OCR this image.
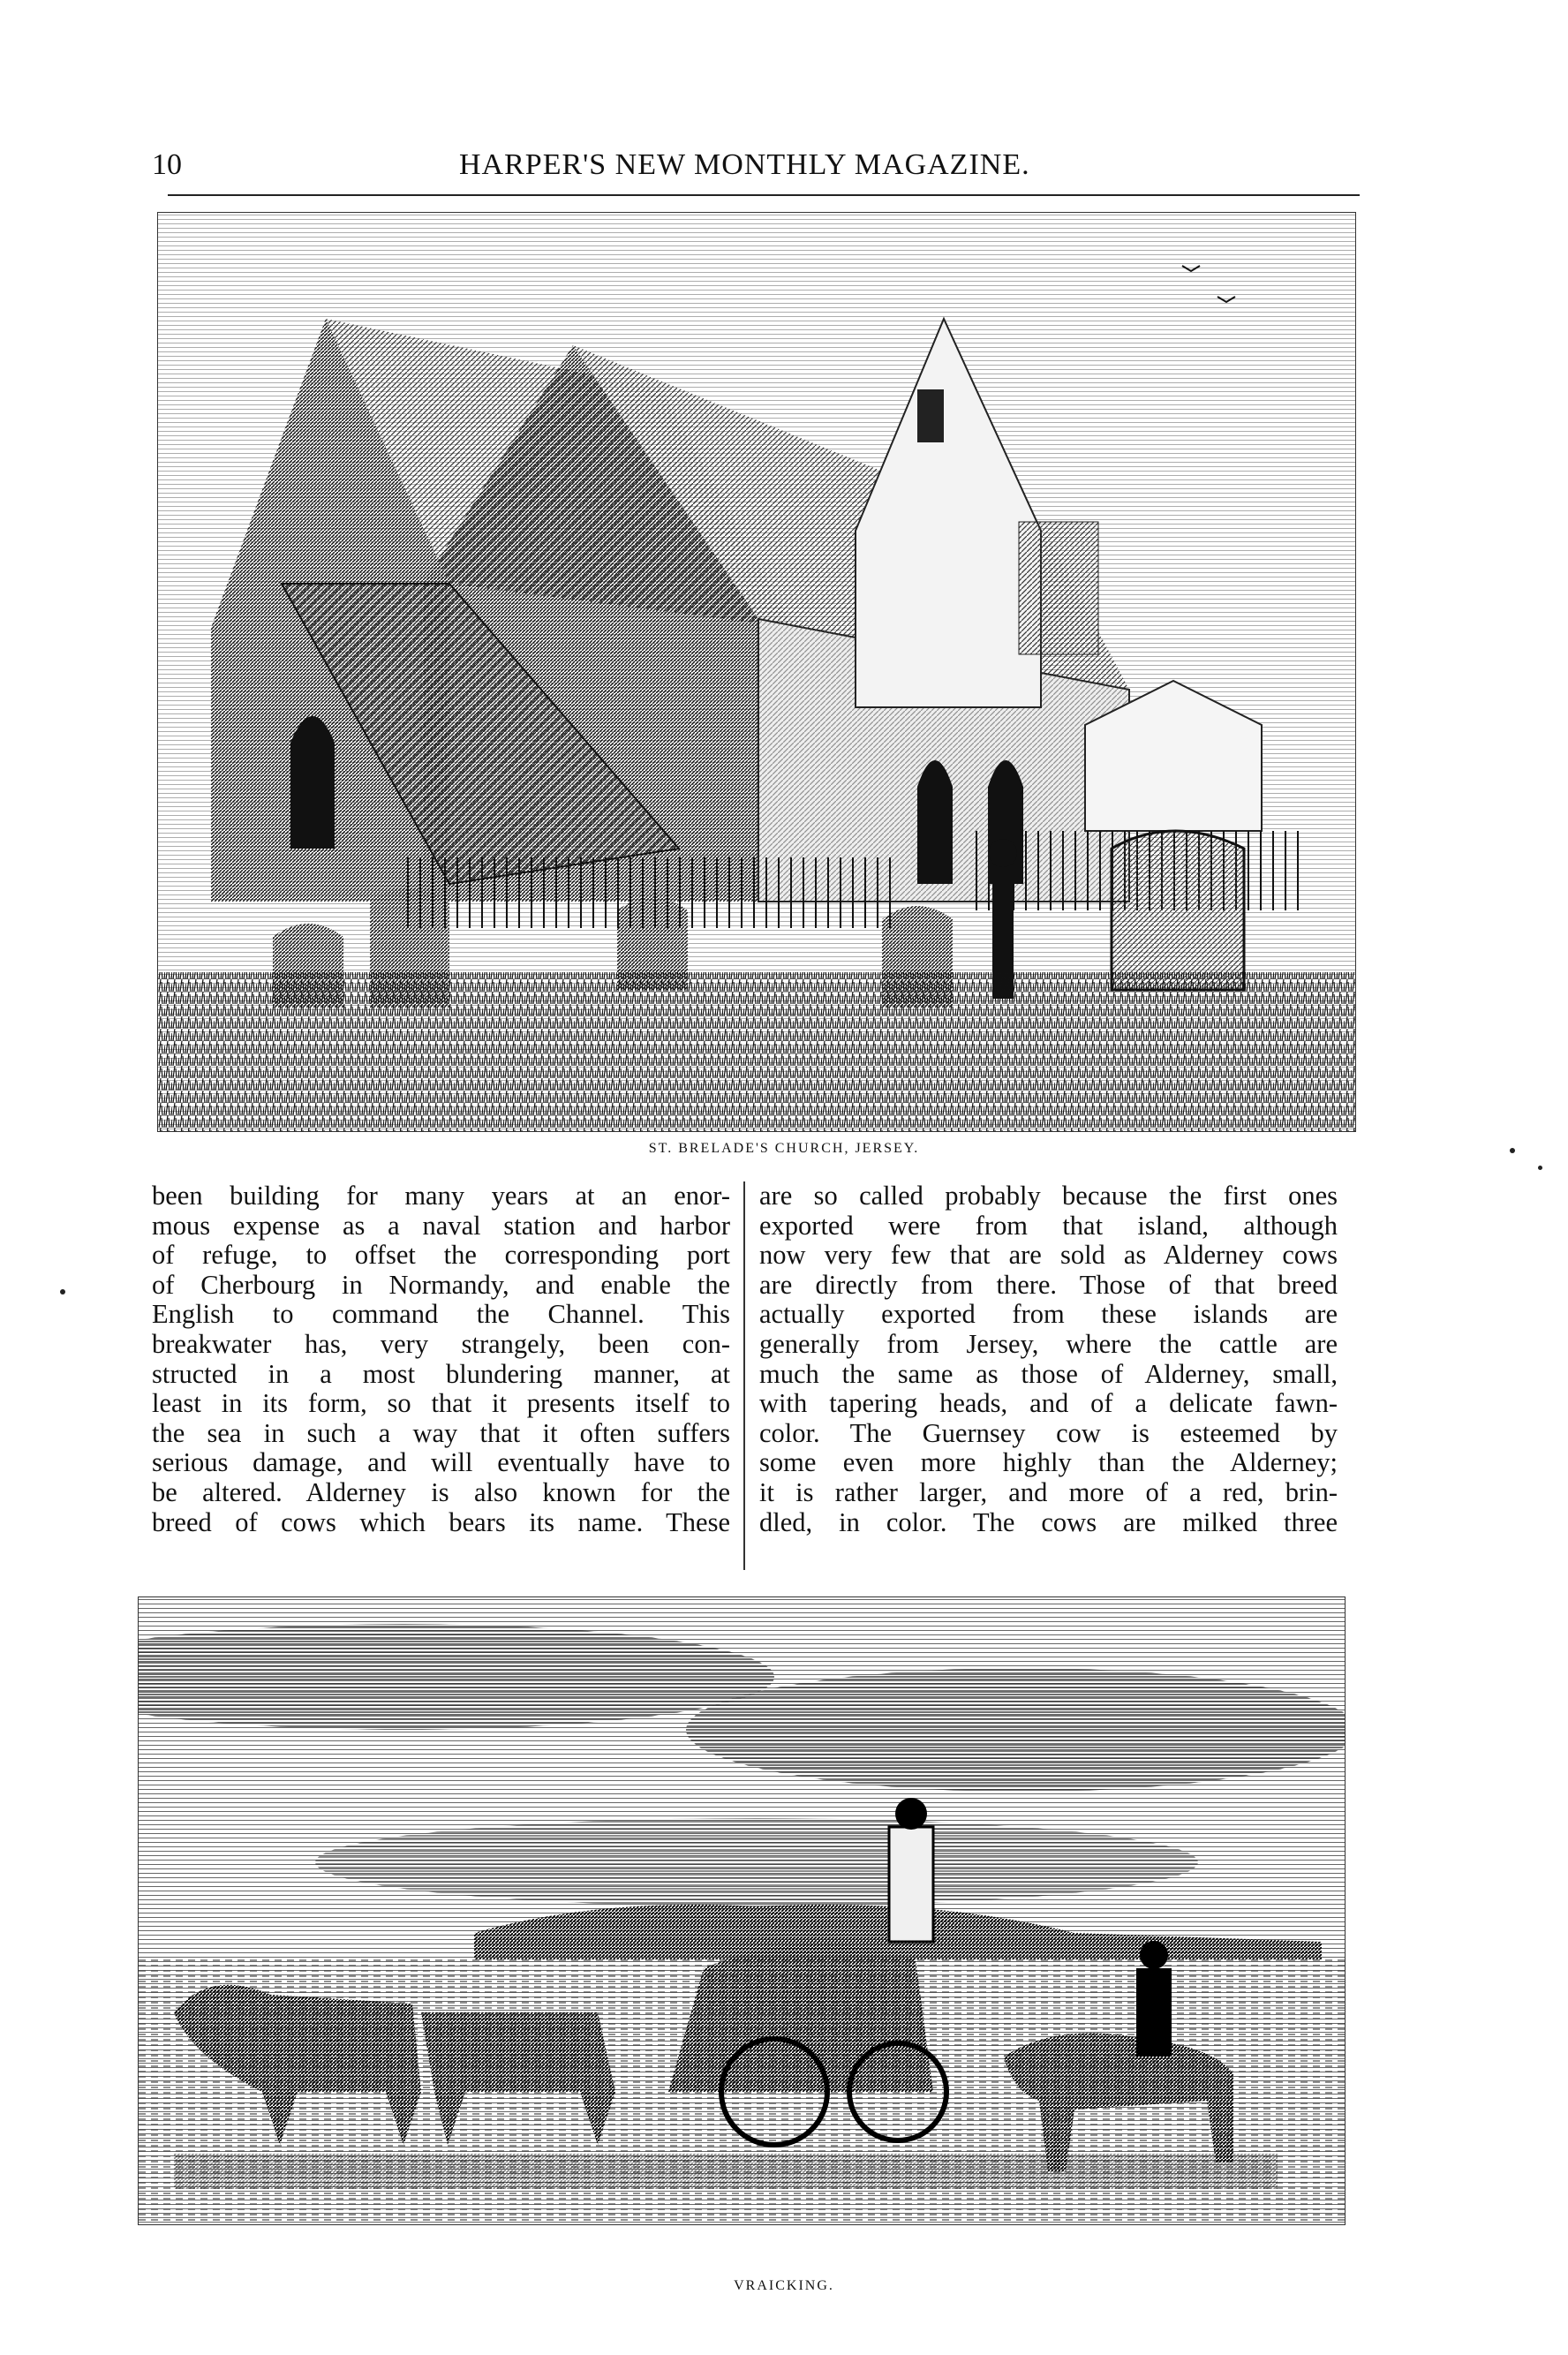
10	HARPER'S NEW MONTHLY MAGAZINE.
ST. BRELADE'S CHURCH, JERSEY.
been building for many years at an enor-
mous expense as a naval station and harbor
of refuge, to offset the corresponding port
of Cherbourg in Normandy, and enable the
English to command the Channel. This
breakwater has, very strangely, been con-
structed in a most blundering manner, at
least in its form, so that it presents itself to
the sea in such a way that it often suffers
serious damage, and will eventually have to
be altered. Alderney is also known for the
breed of cows which bears its name. These
are so called probably because the first ones
exported were from that island, although
now very few that are sold as Alderney cows
are directly from there. Those of that breed
actually exported from these islands are
generally from Jersey, where the cattle are
much the same as those of Alderney, small,
with tapering heads, and of a delicate fawn-
color. The Guernsey cow is esteemed by
some even more highly than the Alderney;
it is rather larger, and more of a red, brin-
dled, in color. The cows are milked three
VRAICKING.
